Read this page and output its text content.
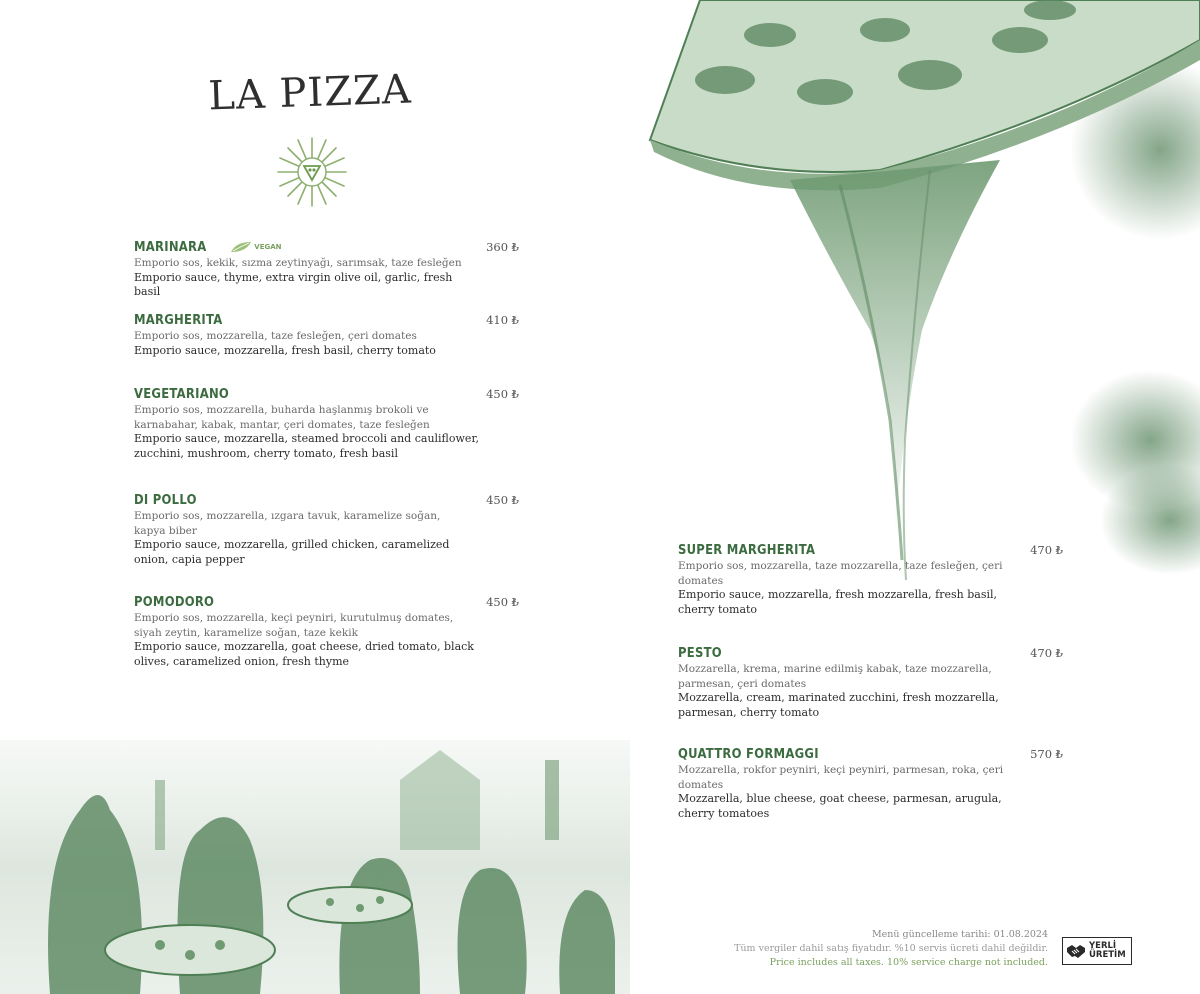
LA PIZZA
MARINARA	VEGAN	360 ₺
Emporio sos, kekik, sızma zeytinyağı, sarımsak, taze fesleğen
Emporio sauce, thyme, extra virgin olive oil, garlic, fresh basil
MARGHERITA	410 ₺
Emporio sos, mozzarella, taze fesleğen, çeri domates
Emporio sauce, mozzarella, fresh basil, cherry tomato
VEGETARIANO	450 ₺
Emporio sos, mozzarella, buharda haşlanmış brokoli ve karnabahar, kabak, mantar, çeri domates, taze fesleğen
Emporio sauce, mozzarella, steamed broccoli and cauliflower, zucchini, mushroom, cherry tomato, fresh basil
DI POLLO	450 ₺
Emporio sos, mozzarella, ızgara tavuk, karamelize soğan, kapya biber
Emporio sauce, mozzarella, grilled chicken, caramelized onion, capia pepper
POMODORO	450 ₺
Emporio sos, mozzarella, keçi peyniri, kurutulmuş domates, siyah zeytin, karamelize soğan, taze kekik
Emporio sauce, mozzarella, goat cheese, dried tomato, black olives, caramelized onion, fresh thyme
SUPER MARGHERITA	470 ₺
Emporio sos, mozzarella, taze mozzarella, taze fesleğen, çeri domates
Emporio sauce, mozzarella, fresh mozzarella, fresh basil, cherry tomato
PESTO	470 ₺
Mozzarella, krema, marine edilmiş kabak, taze mozzarella, parmesan, çeri domates
Mozzarella, cream, marinated zucchini, fresh mozzarella, parmesan, cherry tomato
QUATTRO FORMAGGI	570 ₺
Mozzarella, rokfor peyniri, keçi peyniri, parmesan, roka, çeri domates
Mozzarella, blue cheese, goat cheese, parmesan, arugula, cherry tomatoes
Menü güncelleme tarihi: 01.08.2024
Tüm vergiler dahil satış fiyatıdır. %10 servis ücreti dahil değildir.
Price includes all taxes. 10% service charge not included.
YERLİ
ÜRETİM
